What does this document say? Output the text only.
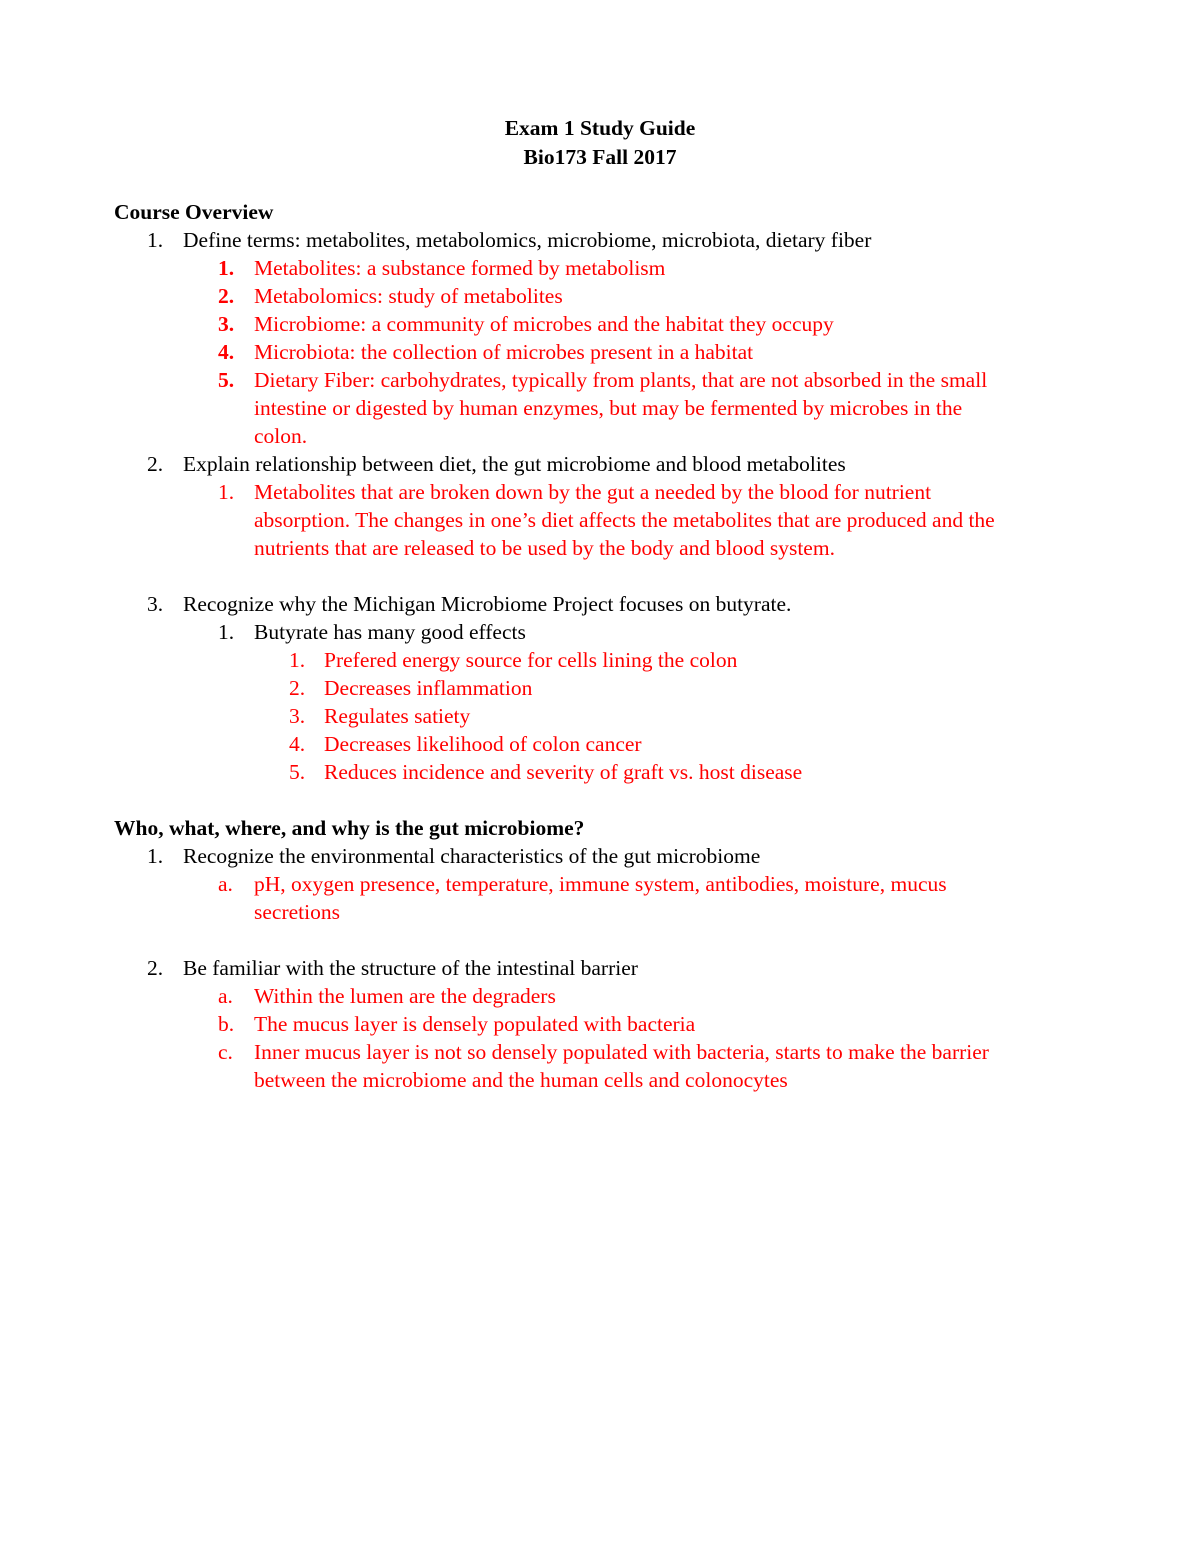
Exam 1 Study Guide
Bio173 Fall 2017
Course Overview
1. Define terms: metabolites, metabolomics, microbiome, microbiota, dietary fiber
1. Metabolites: a substance formed by metabolism
2. Metabolomics: study of metabolites
3. Microbiome: a community of microbes and the habitat they occupy
4. Microbiota: the collection of microbes present in a habitat
5. Dietary Fiber: carbohydrates, typically from plants, that are not absorbed in the small
intestine or digested by human enzymes, but may be fermented by microbes in the
colon.
2. Explain relationship between diet, the gut microbiome and blood metabolites
1. Metabolites that are broken down by the gut a needed by the blood for nutrient
absorption. The changes in one’s diet affects the metabolites that are produced and the
nutrients that are released to be used by the body and blood system.
3. Recognize why the Michigan Microbiome Project focuses on butyrate.
1. Butyrate has many good effects
1. Prefered energy source for cells lining the colon
2. Decreases inflammation
3. Regulates satiety
4. Decreases likelihood of colon cancer
5. Reduces incidence and severity of graft vs. host disease
Who, what, where, and why is the gut microbiome?
1. Recognize the environmental characteristics of the gut microbiome
a. pH, oxygen presence, temperature, immune system, antibodies, moisture, mucus
secretions
2. Be familiar with the structure of the intestinal barrier
a. Within the lumen are the degraders
b. The mucus layer is densely populated with bacteria
c. Inner mucus layer is not so densely populated with bacteria, starts to make the barrier
between the microbiome and the human cells and colonocytes
